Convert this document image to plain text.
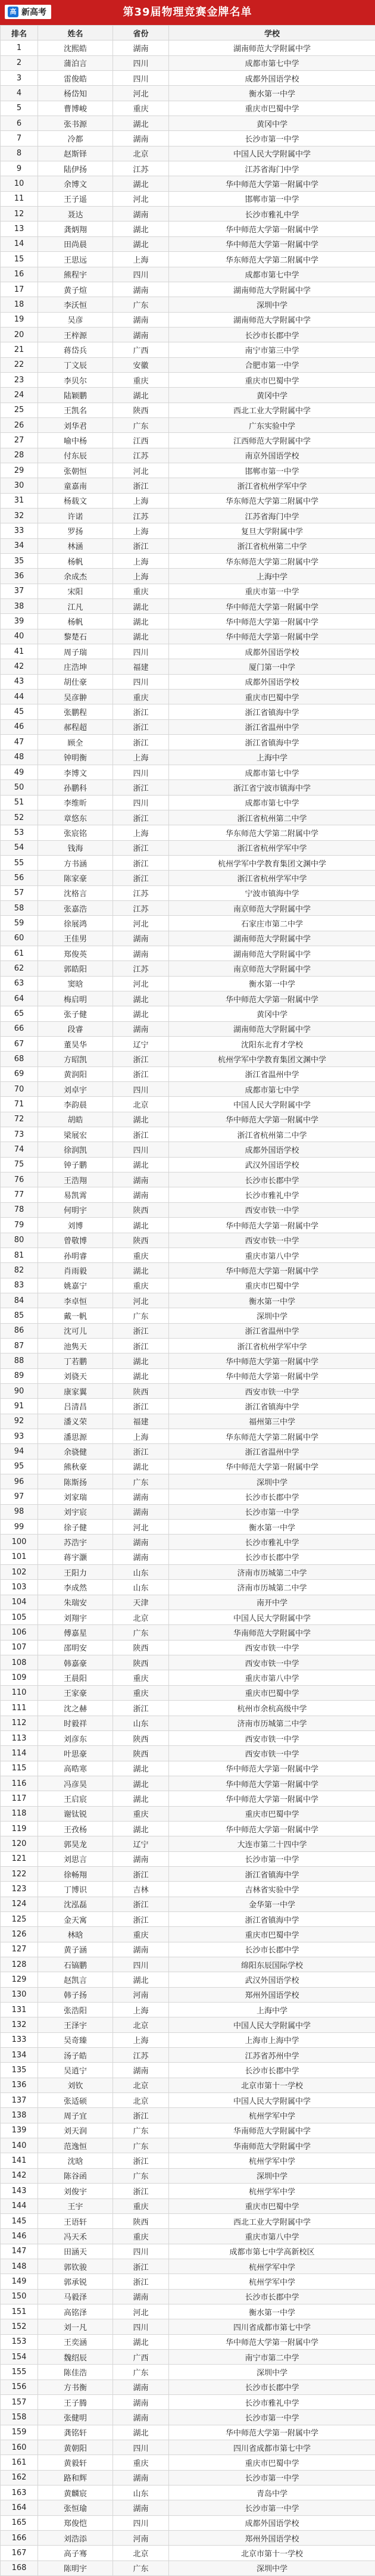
高 新高考	第39届物理竞赛金牌名单
排名	姓名	省份	学校
1	沈熙皓	湖南	湖南师范大学附属中学
2	蒲泊言	四川	成都市第七中学
3	雷俊皓	四川	成都外国语学校
4	杨岱知	河北	衡水第一中学
5	曹博峻	重庆	重庆市巴蜀中学
6	张书源	湖北	黄冈中学
7	冷都	湖南	长沙市第一中学
8	赵斯铎	北京	中国人民大学附属中学
9	陆伊扬	江苏	江苏省海门中学
10	余博文	湖北	华中师范大学第一附属中学
11	王子遥	河北	邯郸市第一中学
12	聂达	湖南	长沙市雅礼中学
13	龚炳翔	湖北	华中师范大学第一附属中学
14	田尚晨	湖北	华中师范大学第一附属中学
15	王思远	上海	华东师范大学第二附属中学
16	熊程宇	四川	成都市第七中学
17	黄子煊	湖南	湖南师范大学附属中学
18	李沃恒	广东	深圳中学
19	吴彦	湖南	湖南师范大学附属中学
20	王梓源	湖南	长沙市长郡中学
21	蒋岱兵	广西	南宁市第三中学
22	丁文辰	安徽	合肥市第一中学
23	李贝尔	重庆	重庆市巴蜀中学
24	陆颖鹏	湖北	黄冈中学
25	王凯名	陕西	西北工业大学附属中学
26	刘华君	广东	广东实验中学
27	喻中杨	江西	江西师范大学附属中学
28	付东辰	江苏	南京外国语学校
29	张朝恒	河北	邯郸市第一中学
30	童嘉南	浙江	浙江省杭州学军中学
31	杨载文	上海	华东师范大学第二附属中学
32	许诺	江苏	江苏省海门中学
33	罗扬	上海	复旦大学附属中学
34	林涵	浙江	浙江省杭州第二中学
35	杨帆	上海	华东师范大学第二附属中学
36	余成杰	上海	上海中学
37	宋阳	重庆	重庆市第一中学
38	江凡	湖北	华中师范大学第一附属中学
39	杨帆	湖北	华中师范大学第一附属中学
40	黎楚石	湖北	华中师范大学第一附属中学
41	周子瑞	四川	成都外国语学校
42	庄浩坤	福建	厦门第一中学
43	胡仕豪	四川	成都外国语学校
44	吴彦翀	重庆	重庆市巴蜀中学
45	张鹏程	浙江	浙江省镇海中学
46	郝程超	浙江	浙江省温州中学
47	顾全	浙江	浙江省镇海中学
48	钟明衡	上海	上海中学
49	李博文	四川	成都市第七中学
50	孙鹏科	浙江	浙江省宁波市镇海中学
51	李维昕	四川	成都市第七中学
52	章悠东	浙江	浙江省杭州第二中学
53	张宸铭	上海	华东师范大学第二附属中学
54	钱海	浙江	浙江省杭州学军中学
55	方书涵	浙江	杭州学军中学教育集团文渊中学
56	陈家豪	浙江	浙江省杭州学军中学
57	沈格言	江苏	宁波市镇海中学
58	张嘉浩	江苏	南京师范大学附属中学
59	徐展鸿	河北	石家庄市第二中学
60	王佳男	湖南	湖南师范大学附属中学
61	郑俊英	湖南	湖南师范大学附属中学
62	郭皓阳	江苏	南京师范大学附属中学
63	窦晗	河北	衡水第一中学
64	梅启明	湖北	华中师范大学第一附属中学
65	张子健	湖北	黄冈中学
66	段睿	湖南	湖南师范大学附属中学
67	董昊华	辽宁	沈阳东北育才学校
68	方昭凯	浙江	杭州学军中学教育集团文渊中学
69	黄润阳	浙江	浙江省温州中学
70	刘卓宇	四川	成都市第七中学
71	李韵晨	北京	中国人民大学附属中学
72	胡皓	湖北	华中师范大学第一附属中学
73	梁展宏	浙江	浙江省杭州第二中学
74	徐润凯	四川	成都外国语学校
75	钟子鹏	湖北	武汉外国语学校
76	王浩翔	湖南	长沙市长郡中学
77	易凯霄	湖南	长沙市雅礼中学
78	何明宇	陕西	西安市铁一中学
79	刘博	湖北	华中师范大学第一附属中学
80	曾敬博	陕西	西安市铁一中学
81	孙明睿	重庆	重庆市第八中学
82	肖雨毅	湖北	华中师范大学第一附属中学
83	姚嘉宁	重庆	重庆市巴蜀中学
84	李卓恒	河北	衡水第一中学
85	戴一帆	广东	深圳中学
86	沈可儿	浙江	浙江省温州中学
87	池隽天	浙江	浙江省杭州学军中学
88	丁若鹏	湖北	华中师范大学第一附属中学
89	刘骁天	湖北	华中师范大学第一附属中学
90	康家翼	陕西	西安市铁一中学
91	吕清昌	浙江	浙江省镇海中学
92	潘义荣	福建	福州第三中学
93	潘思源	上海	华东师范大学第二附属中学
94	余骁健	浙江	浙江省温州中学
95	熊秋豪	湖北	华中师范大学第一附属中学
96	陈斯扬	广东	深圳中学
97	刘家瑞	湖南	长沙市长郡中学
98	刘宇宸	湖南	长沙市第一中学
99	徐子健	河北	衡水第一中学
100	苏浩宇	湖南	长沙市雅礼中学
101	蒋宇灏	湖南	长沙市长郡中学
102	王阳力	山东	济南市历城第二中学
103	李成然	山东	济南市历城第二中学
104	朱瑞安	天津	南开中学
105	刘翔宇	北京	中国人民大学附属中学
106	傅嘉星	广东	华南师范大学附属中学
107	邵明安	陕西	西安市铁一中学
108	韩嘉豪	陕西	西安市铁一中学
109	王晨阳	重庆	重庆市第八中学
110	王家豪	重庆	重庆市巴蜀中学
111	沈之赫	浙江	杭州市余杭高级中学
112	时毅祥	山东	济南市历城第二中学
113	刘彦东	陕西	西安市铁一中学
114	叶思豪	陕西	西安市铁一中学
115	高晧寒	湖北	华中师范大学第一附属中学
116	冯彦昊	湖北	华中师范大学第一附属中学
117	王启宸	湖北	华中师范大学第一附属中学
118	谢钛锐	重庆	重庆市巴蜀中学
119	王孜杨	湖北	华中师范大学第一附属中学
120	郭昊龙	辽宁	大连市第二十四中学
121	刘思言	湖南	长沙市第一中学
122	徐畅翔	浙江	浙江省镇海中学
123	丁博识	吉林	吉林省实验中学
124	沈泓磊	浙江	金华第一中学
125	金天寓	浙江	浙江省镇海中学
126	林晗	重庆	重庆市巴蜀中学
127	黄子涵	湖南	长沙市长郡中学
128	石镐鹏	四川	绵阳东辰国际学校
129	赵凯言	湖北	武汉外国语学校
130	韩子扬	河南	郑州外国语学校
131	张浩阳	上海	上海中学
132	王泽宇	北京	中国人民大学附属中学
133	吴奇臻	上海	上海市上海中学
134	汤子皓	江苏	江苏省苏州中学
135	吴逍宁	湖南	长沙市长郡中学
136	刘钦	北京	北京市第十一学校
137	张适硕	北京	中国人民大学附属中学
138	周子宜	浙江	杭州学军中学
139	刘天润	广东	华南师范大学附属中学
140	范逸恒	广东	华南师范大学附属中学
141	沈晗	浙江	杭州学军中学
142	陈谷函	广东	深圳中学
143	刘俊宇	浙江	杭州学军中学
144	王宇	重庆	重庆市巴蜀中学
145	王语轩	陕西	西北工业大学附属中学
146	冯天禾	重庆	重庆市第八中学
147	田涵天	四川	成都市第七中学高新校区
148	郭钦骏	浙江	杭州学军中学
149	郭承锐	浙江	杭州学军中学
150	马毅泽	湖南	长沙市长郡中学
151	高铭泽	河北	衡水第一中学
152	刘一凡	四川	四川省成都市第七中学
153	王奕涵	湖北	华中师范大学第一附属中学
154	魏绍辰	广西	南宁市第二中学
155	陈佳浩	广东	深圳中学
156	方书衡	湖南	长沙市长郡中学
157	王子腾	湖南	长沙市雅礼中学
158	张健明	湖南	长沙市第一中学
159	龚铭轩	湖北	华中师范大学第一附属中学
160	黄朝阳	四川	四川省成都市第七中学
161	黄毅轩	重庆	重庆市巴蜀中学
162	路和辉	湖南	长沙市第一中学
163	黄麟宸	山东	青岛中学
164	张恒瑜	湖南	长沙市第一中学
165	郑俊恺	四川	成都外国语学校
166	刘浩添	河南	郑州外国语学校
167	高子骞	北京	北京市第十一学校
168	陈明宇	广东	深圳中学
